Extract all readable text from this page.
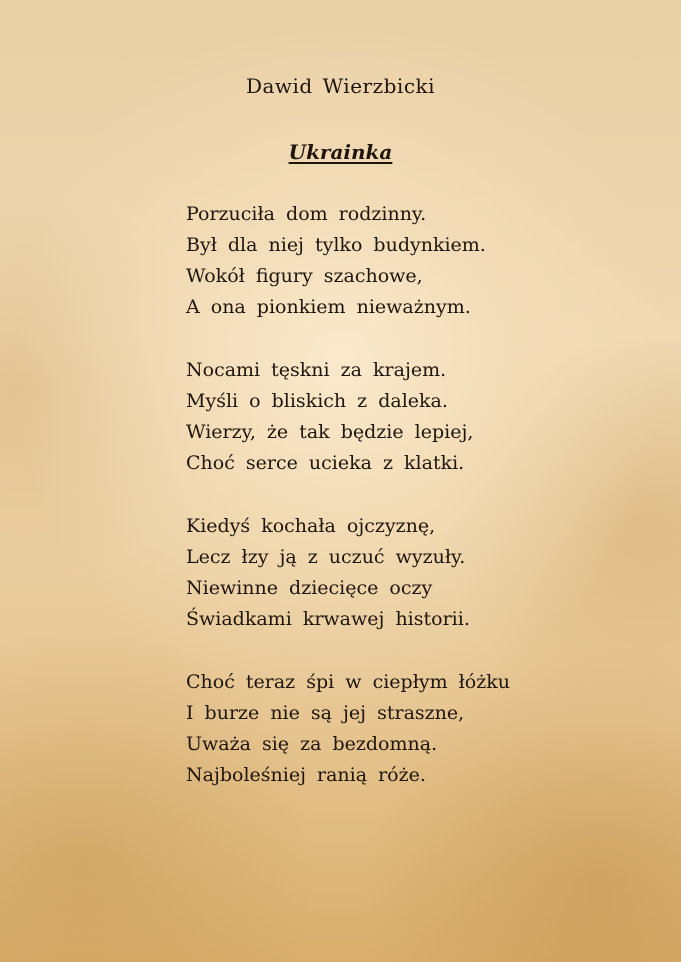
Dawid Wierzbicki
Ukrainka
Porzuciła dom rodzinny.
Był dla niej tylko budynkiem.
Wokół figury szachowe,
A ona pionkiem nieważnym.
Nocami tęskni za krajem.
Myśli o bliskich z daleka.
Wierzy, że tak będzie lepiej,
Choć serce ucieka z klatki.
Kiedyś kochała ojczyznę,
Lecz łzy ją z uczuć wyzuły.
Niewinne dziecięce oczy
Świadkami krwawej historii.
Choć teraz śpi w ciepłym łóżku
I burze nie są jej straszne,
Uważa się za bezdomną.
Najboleśniej ranią róże.
